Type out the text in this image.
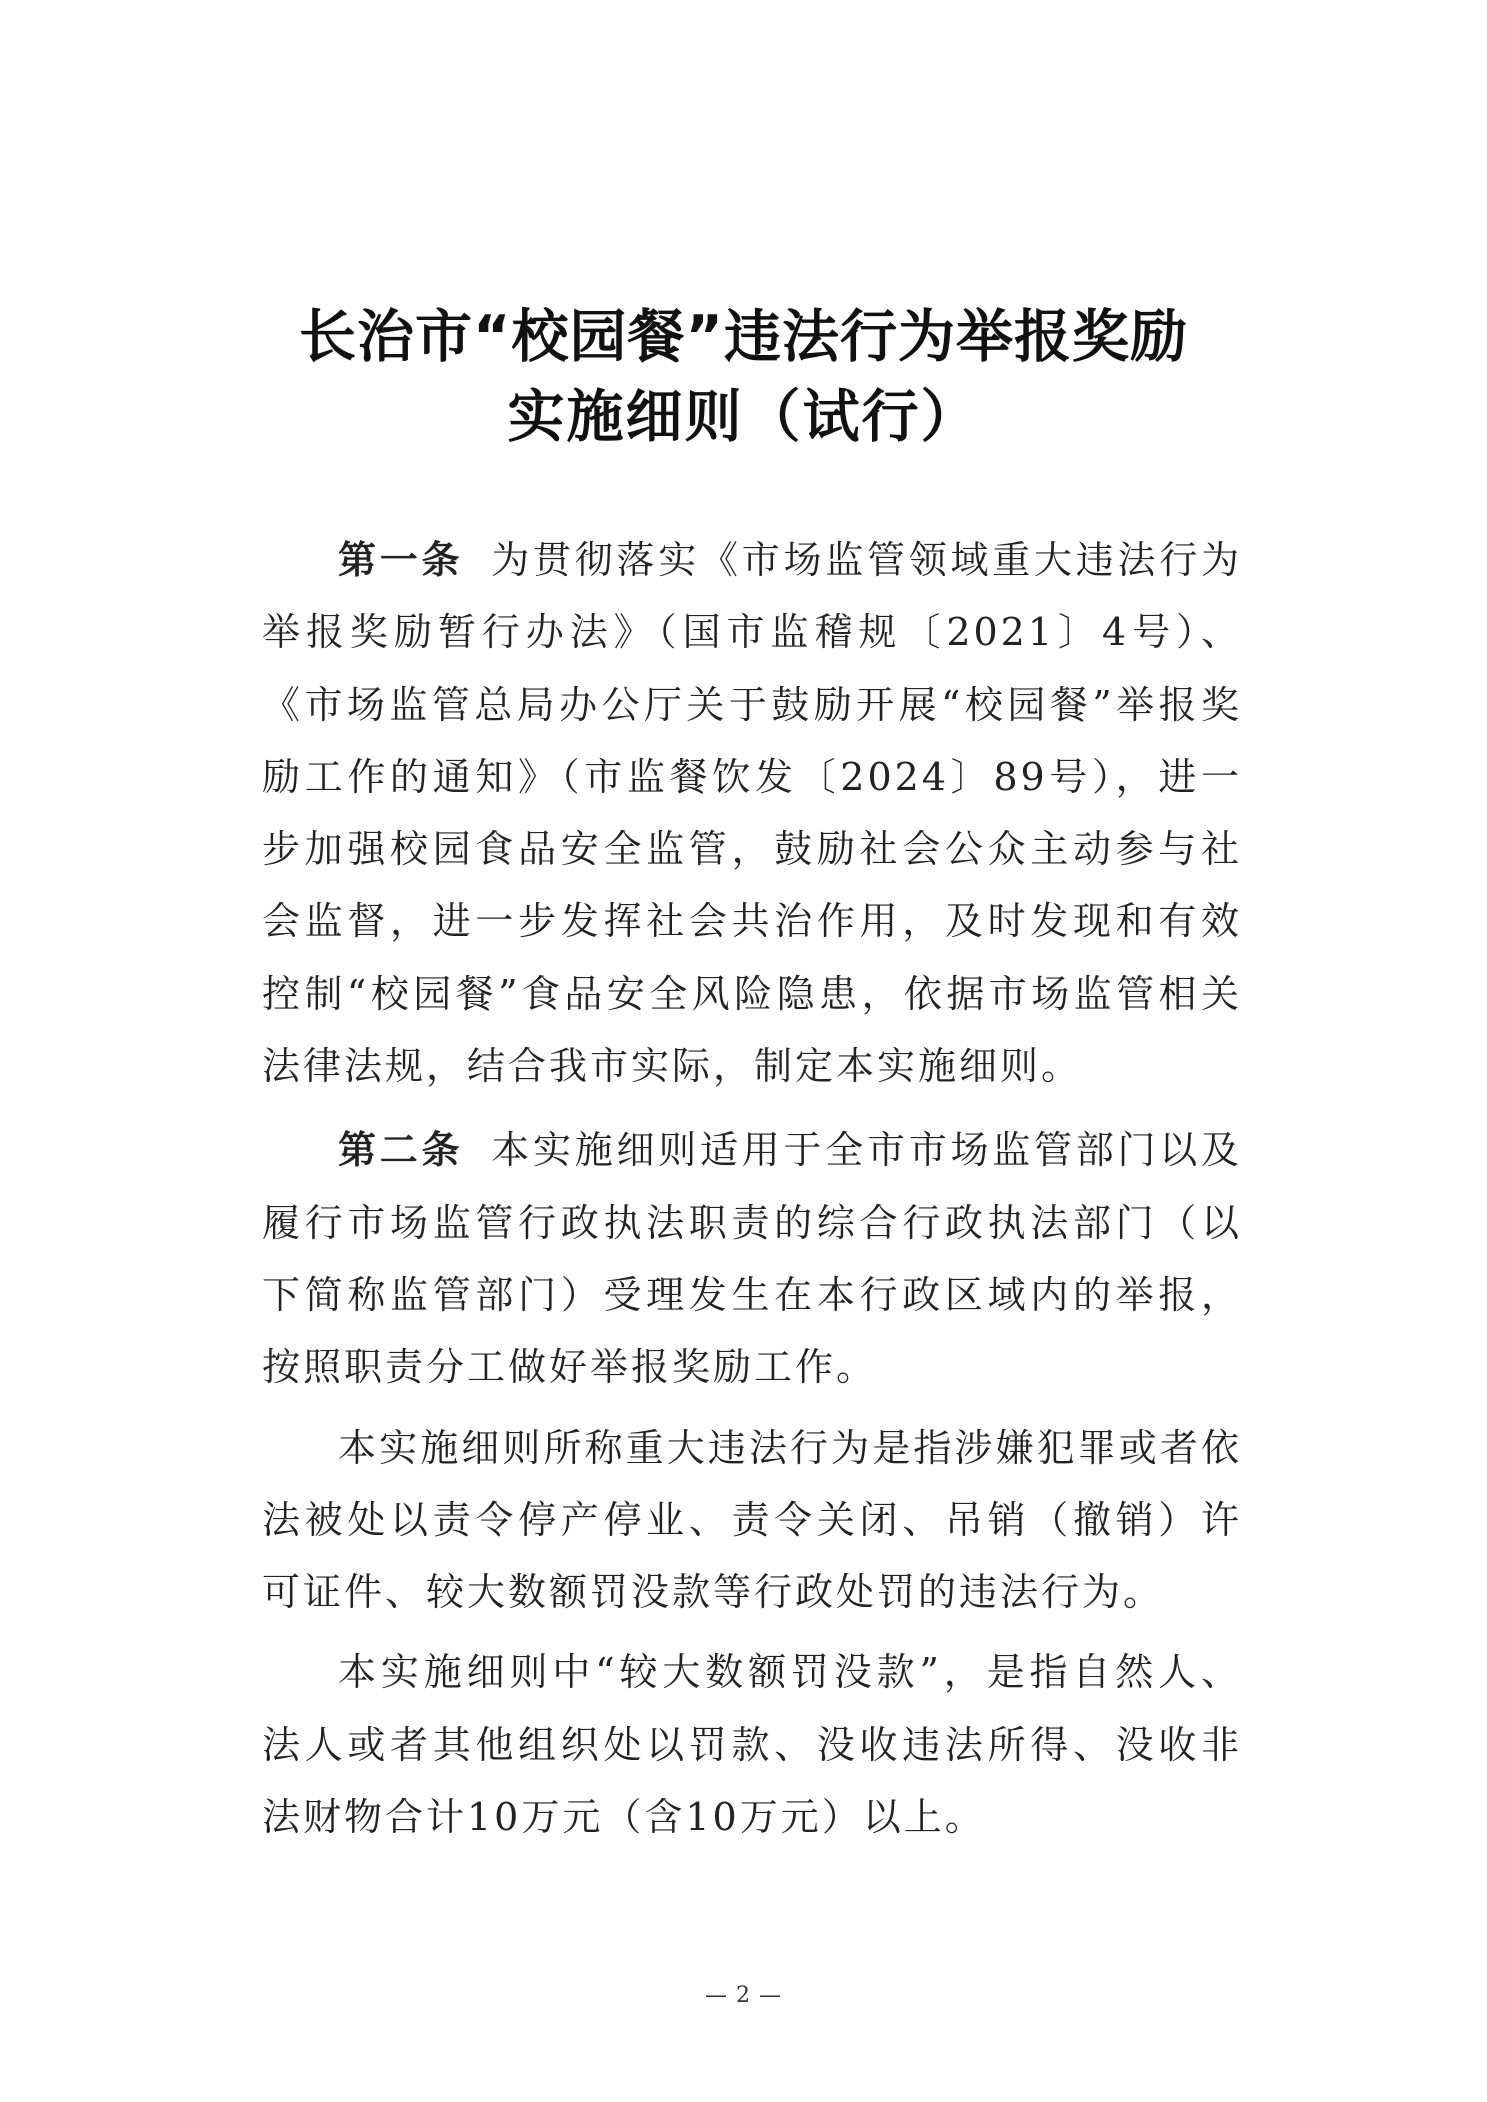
长治市“校园餐”违法行为举报奖励
实施细则（试行）

第一条 为贯彻落实《市场监管领域重大违法行为举报奖励暂行办法》（国市监稽规〔2021〕4号）、《市场监管总局办公厅关于鼓励开展“校园餐”举报奖励工作的通知》（市监餐饮发〔2024〕89号），进一步加强校园食品安全监管，鼓励社会公众主动参与社会监督，进一步发挥社会共治作用，及时发现和有效控制“校园餐”食品安全风险隐患，依据市场监管相关法律法规，结合我市实际，制定本实施细则。

第二条 本实施细则适用于全市市场监管部门以及履行市场监管行政执法职责的综合行政执法部门（以下简称监管部门）受理发生在本行政区域内的举报，按照职责分工做好举报奖励工作。

本实施细则所称重大违法行为是指涉嫌犯罪或者依法被处以责令停产停业、责令关闭、吊销（撤销）许可证件、较大数额罚没款等行政处罚的违法行为。

本实施细则中“较大数额罚没款”，是指自然人、法人或者其他组织处以罚款、没收违法所得、没收非法财物合计10万元（含10万元）以上。

— 2 —
